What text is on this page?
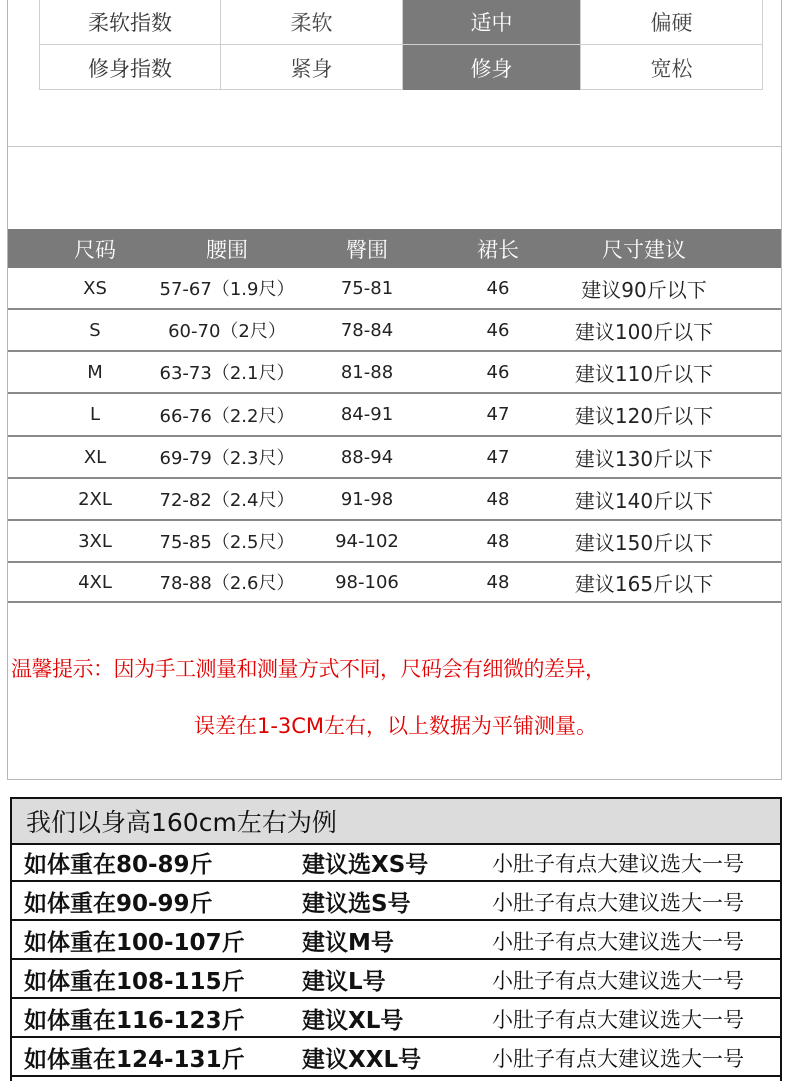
柔软指数	柔软	适中	偏硬
修身指数	紧身	修身	宽松
尺码	腰围	臀围	裙长	尺寸建议
XS	57-67（1.9尺）	75-81	46	建议90斤以下
S	60-70（2尺）	78-84	46	建议100斤以下
M	63-73（2.1尺）	81-88	46	建议110斤以下
L	66-76（2.2尺）	84-91	47	建议120斤以下
XL	69-79（2.3尺）	88-94	47	建议130斤以下
2XL	72-82（2.4尺）	91-98	48	建议140斤以下
3XL	75-85（2.5尺）	94-102	48	建议150斤以下
4XL	78-88（2.6尺）	98-106	48	建议165斤以下
温馨提示：因为手工测量和测量方式不同，尺码会有细微的差异，
误差在1-3CM左右，以上数据为平铺测量。
我们以身高160cm左右为例
如体重在80-89斤	建议选XS号	小肚子有点大建议选大一号
如体重在90-99斤	建议选S号	小肚子有点大建议选大一号
如体重在100-107斤 建议M号	小肚子有点大建议选大一号
如体重在108-115斤 建议L号	小肚子有点大建议选大一号
如体重在116-123斤 建议XL号	小肚子有点大建议选大一号
如体重在124-131斤 建议XXL号	小肚子有点大建议选大一号
